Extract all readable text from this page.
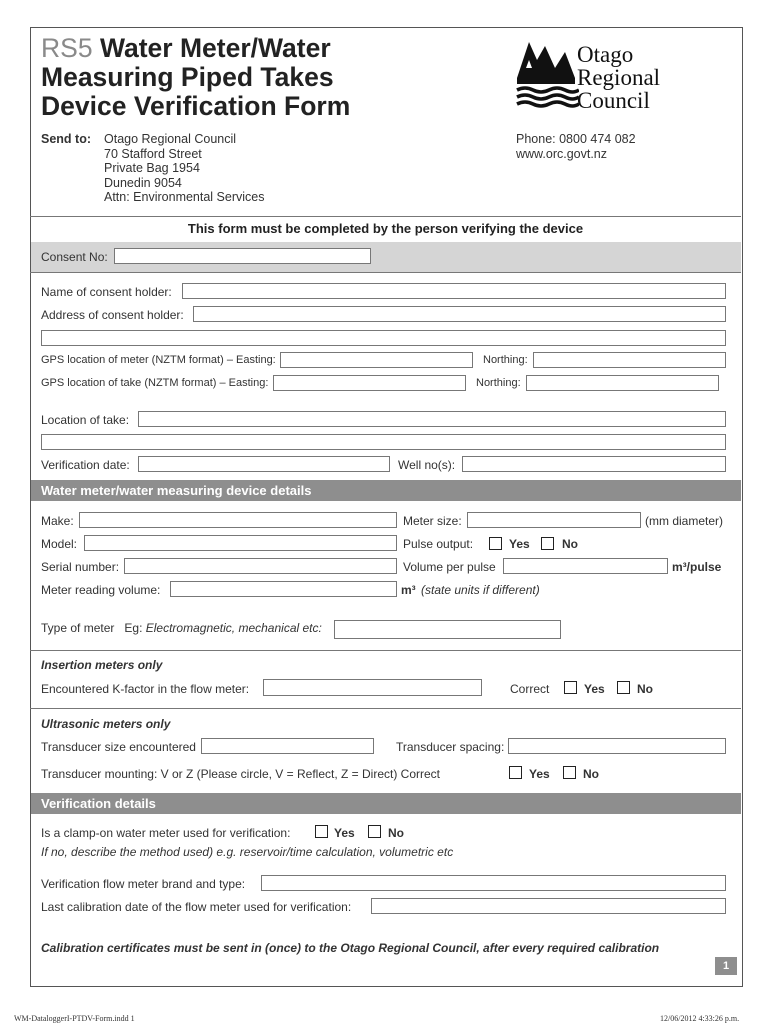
RS5 Water Meter/Water
Measuring Piped Takes
Device Verification Form
Otago
Regional
Council
Send to: Otago Regional Council
70 Stafford Street
Private Bag 1954
Dunedin 9054
Attn: Environmental Services
Phone: 0800 474 082
www.orc.govt.nz
This form must be completed by the person verifying the device
Consent No:
Name of consent holder:
Address of consent holder:
GPS location of meter (NZTM format) – Easting:	Northing:
GPS location of take (NZTM format) – Easting:	Northing:
Location of take:
Verification date:	Well no(s):
Water meter/water measuring device details
Make:	Meter size:	(mm diameter)
Model:	Pulse output:	Yes	No
Serial number:	Volume per pulse	m³/pulse
Meter reading volume:	m³ (state units if different)
Type of meter Eg: Electromagnetic, mechanical etc:
Insertion meters only
Encountered K-factor in the flow meter:	Correct	Yes	No
Ultrasonic meters only
Transducer size encountered	Transducer spacing:
Transducer mounting: V or Z (Please circle, V = Reflect, Z = Direct) Correct	Yes	No
Verification details
Is a clamp-on water meter used for verification:	Yes	No
If no, describe the method used) e.g. reservoir/time calculation, volumetric etc
Verification flow meter brand and type:
Last calibration date of the flow meter used for verification:
Calibration certificates must be sent in (once) to the Otago Regional Council, after every required calibration
1
WM-DataloggerI-PTDV-Form.indd 1	12/06/2012 4:33:26 p.m.
